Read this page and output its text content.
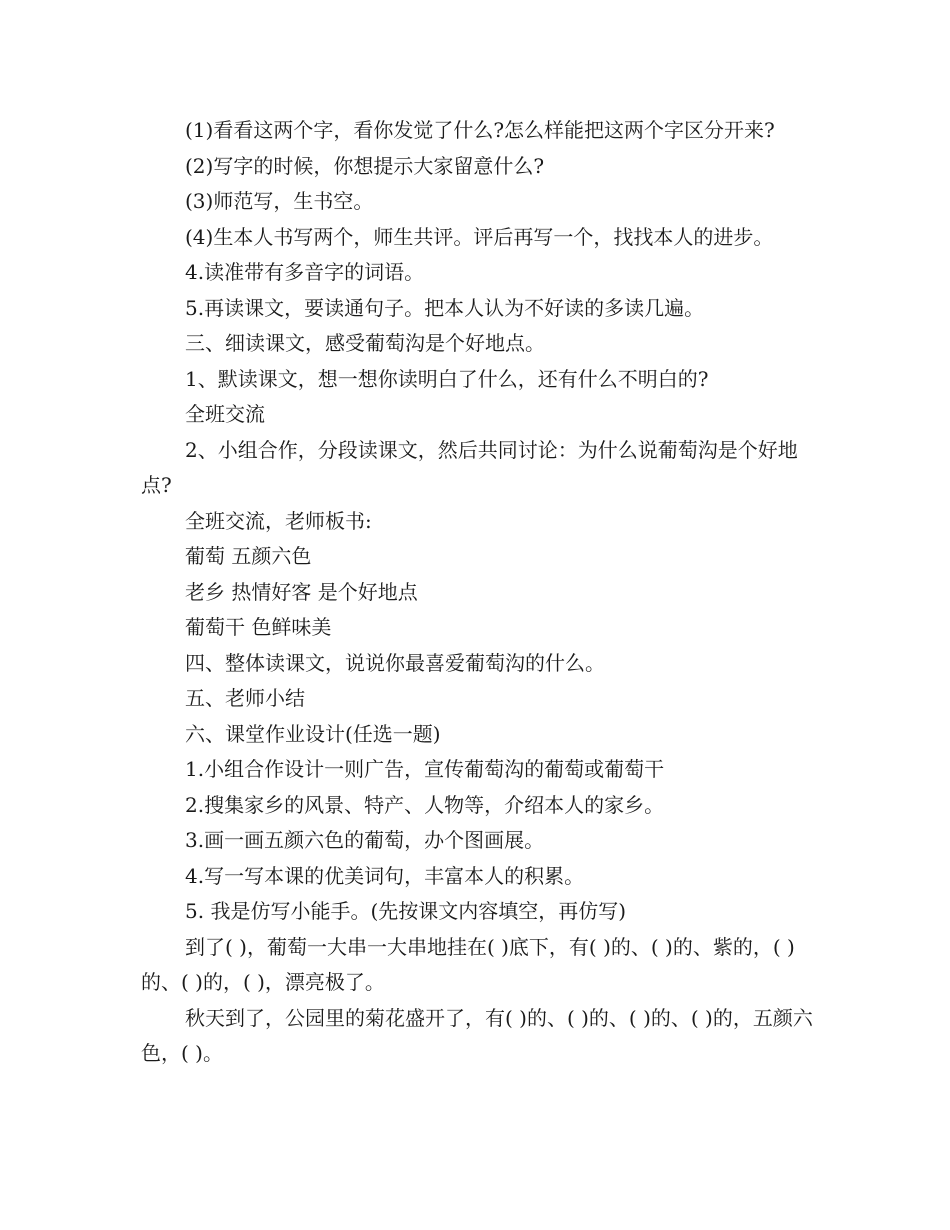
(1)看看这两个字，看你发觉了什么?怎么样能把这两个字区分开来?

(2)写字的时候，你想提示大家留意什么?

(3)师范写，生书空。

(4)生本人书写两个，师生共评。评后再写一个，找找本人的进步。

4.读准带有多音字的词语。

5.再读课文，要读通句子。把本人认为不好读的多读几遍。

三、细读课文，感受葡萄沟是个好地点。

1、默读课文，想一想你读明白了什么，还有什么不明白的?

全班交流

2、小组合作，分段读课文，然后共同讨论：为什么说葡萄沟是个好地点?

全班交流，老师板书:

葡萄 五颜六色

老乡 热情好客 是个好地点

葡萄干 色鲜味美

四、整体读课文，说说你最喜爱葡萄沟的什么。

五、老师小结

六、课堂作业设计(任选一题)

1.小组合作设计一则广告，宣传葡萄沟的葡萄或葡萄干

2.搜集家乡的风景、特产、人物等，介绍本人的家乡。

3.画一画五颜六色的葡萄，办个图画展。

4.写一写本课的优美词句，丰富本人的积累。

5. 我是仿写小能手。(先按课文内容填空，再仿写)

到了( )，葡萄一大串一大串地挂在( )底下，有( )的、( )的、紫的，( )的、( )的，( )，漂亮极了。

秋天到了，公园里的菊花盛开了，有( )的、( )的、( )的、( )的，五颜六色，( )。
